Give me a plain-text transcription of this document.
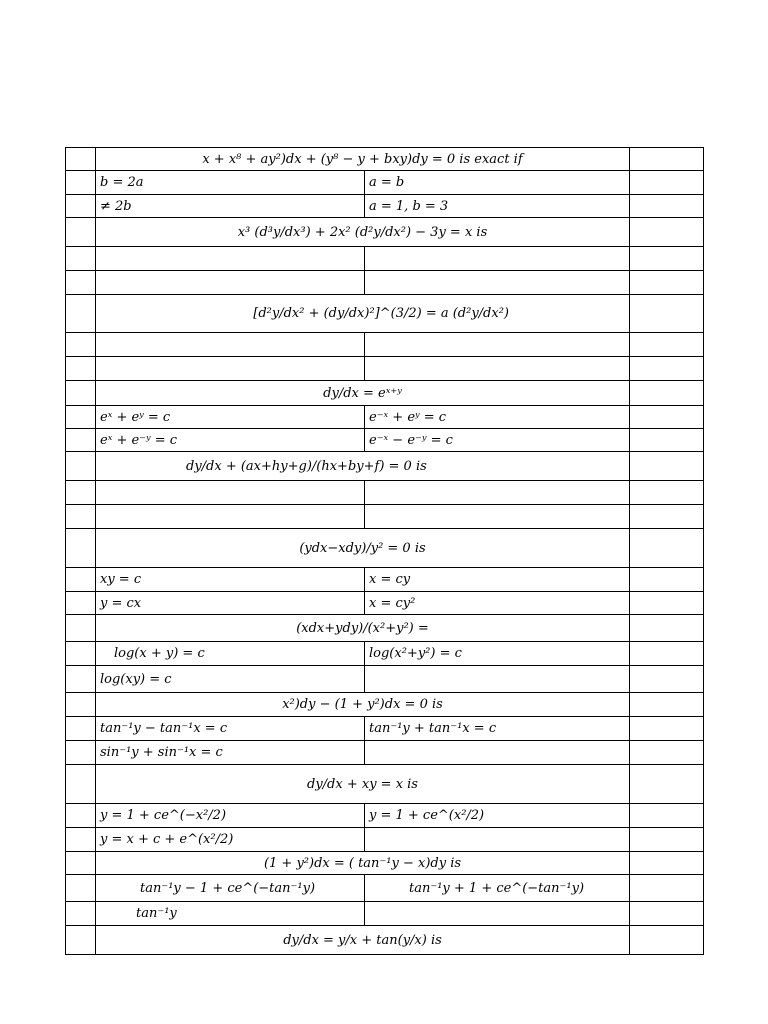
	x + x⁸ + ay²)dx + (y⁸ − y + bxy)dy = 0 is exact if		
	b = 2a	a = b	
	≠ 2b	a = 1, b = 3	
	x³ (d³y/dx³) + 2x² (d²y/dx²) − 3y = x is		

	[d²y/dx² + (dy/dx)²]^(3/2) = a (d²y/dx²)		

	dy/dx = eˣ⁺ʸ		
	eˣ + eʸ = c	e⁻ˣ + eʸ = c	
	eˣ + e⁻ʸ = c	e⁻ˣ − e⁻ʸ = c	
	dy/dx + (ax+hy+g)/(hx+by+f) = 0 is		

	(ydx−xdy)/y² = 0 is		
	xy = c	x = cy	
	y = cx	x = cy²	
	(xdx+ydy)/(x²+y²) =		
	log(x + y) = c	log(x²+y²) = c	
	log(xy) = c		
	x²)dy − (1 + y²)dx = 0 is		
	tan⁻¹y − tan⁻¹x = c	tan⁻¹y + tan⁻¹x = c	
	sin⁻¹y + sin⁻¹x = c		
	dy/dx + xy = x is		
	y = 1 + ce^(−x²/2)	y = 1 + ce^(x²/2)	
	y = x + c + e^(x²/2)		
	(1 + y²)dx = ( tan⁻¹y − x)dy is		
	tan⁻¹y − 1 + ce^(−tan⁻¹y)	tan⁻¹y + 1 + ce^(−tan⁻¹y)	
	tan⁻¹y		
	dy/dx = y/x + tan(y/x) is		
